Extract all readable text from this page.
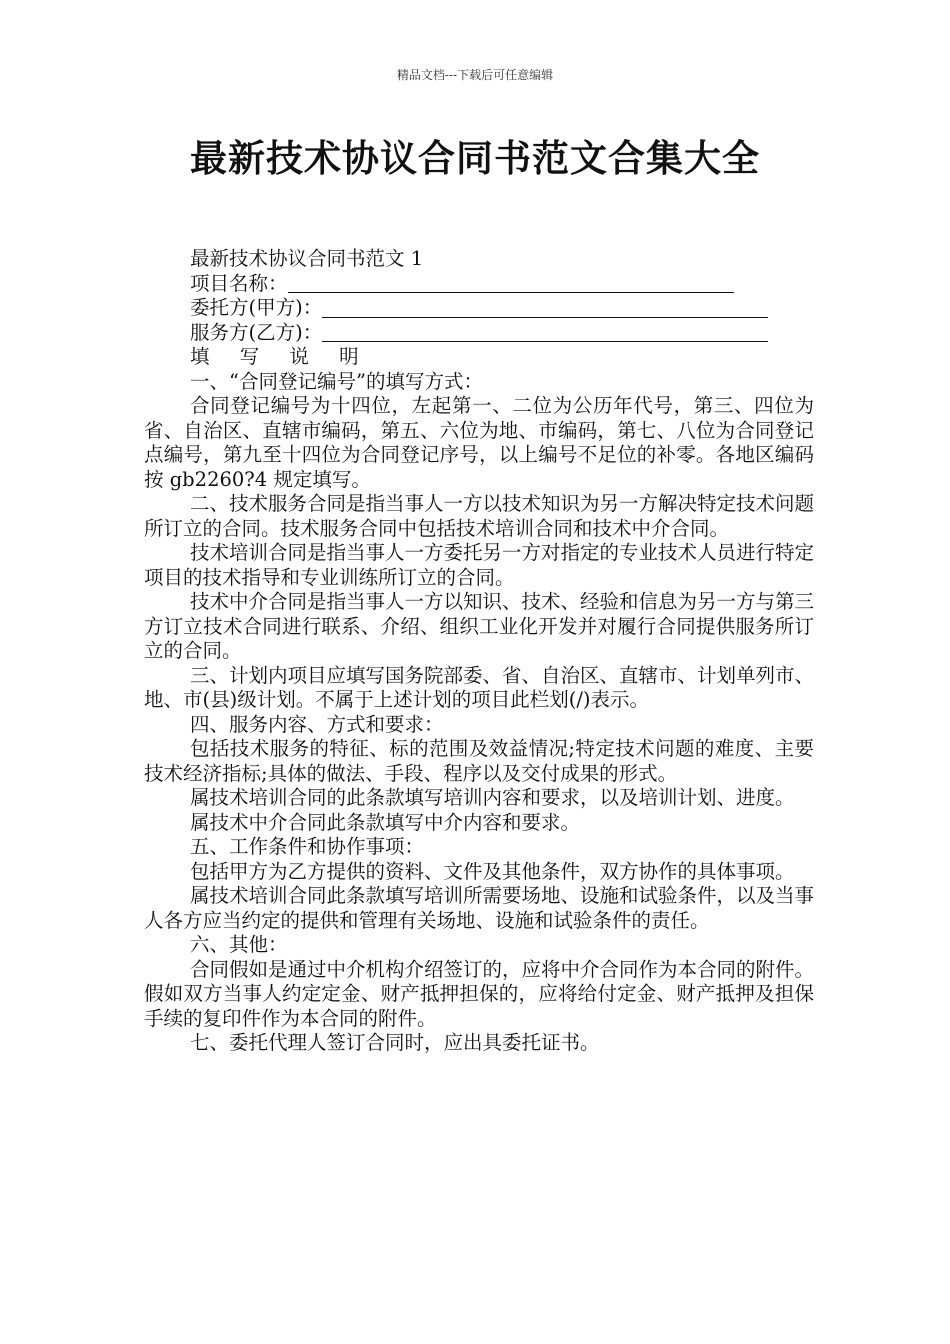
精品文档---下载后可任意编辑
最新技术协议合同书范文合集大全
最新技术协议合同书范文 1
项目名称：
委托方(甲方)：
服务方(乙方)：
填 写 说 明
一、“合同登记编号”的填写方式：
合同登记编号为十四位，左起第一、二位为公历年代号，第三、四位为省、自治区、直辖市编码，第五、六位为地、市编码，第七、八位为合同登记点编号，第九至十四位为合同登记序号，以上编号不足位的补零。各地区编码按 gb2260?4 规定填写。
二、技术服务合同是指当事人一方以技术知识为另一方解决特定技术问题所订立的合同。技术服务合同中包括技术培训合同和技术中介合同。
技术培训合同是指当事人一方委托另一方对指定的专业技术人员进行特定项目的技术指导和专业训练所订立的合同。
技术中介合同是指当事人一方以知识、技术、经验和信息为另一方与第三方订立技术合同进行联系、介绍、组织工业化开发并对履行合同提供服务所订立的合同。
三、计划内项目应填写国务院部委、省、自治区、直辖市、计划单列市、地、市(县)级计划。不属于上述计划的项目此栏划(/)表示。
四、服务内容、方式和要求：
包括技术服务的特征、标的范围及效益情况;特定技术问题的难度、主要技术经济指标;具体的做法、手段、程序以及交付成果的形式。
属技术培训合同的此条款填写培训内容和要求，以及培训计划、进度。
属技术中介合同此条款填写中介内容和要求。
五、工作条件和协作事项：
包括甲方为乙方提供的资料、文件及其他条件，双方协作的具体事项。
属技术培训合同此条款填写培训所需要场地、设施和试验条件，以及当事人各方应当约定的提供和管理有关场地、设施和试验条件的责任。
六、其他：
合同假如是通过中介机构介绍签订的，应将中介合同作为本合同的附件。假如双方当事人约定定金、财产抵押担保的，应将给付定金、财产抵押及担保手续的复印件作为本合同的附件。
七、委托代理人签订合同时，应出具委托证书。
